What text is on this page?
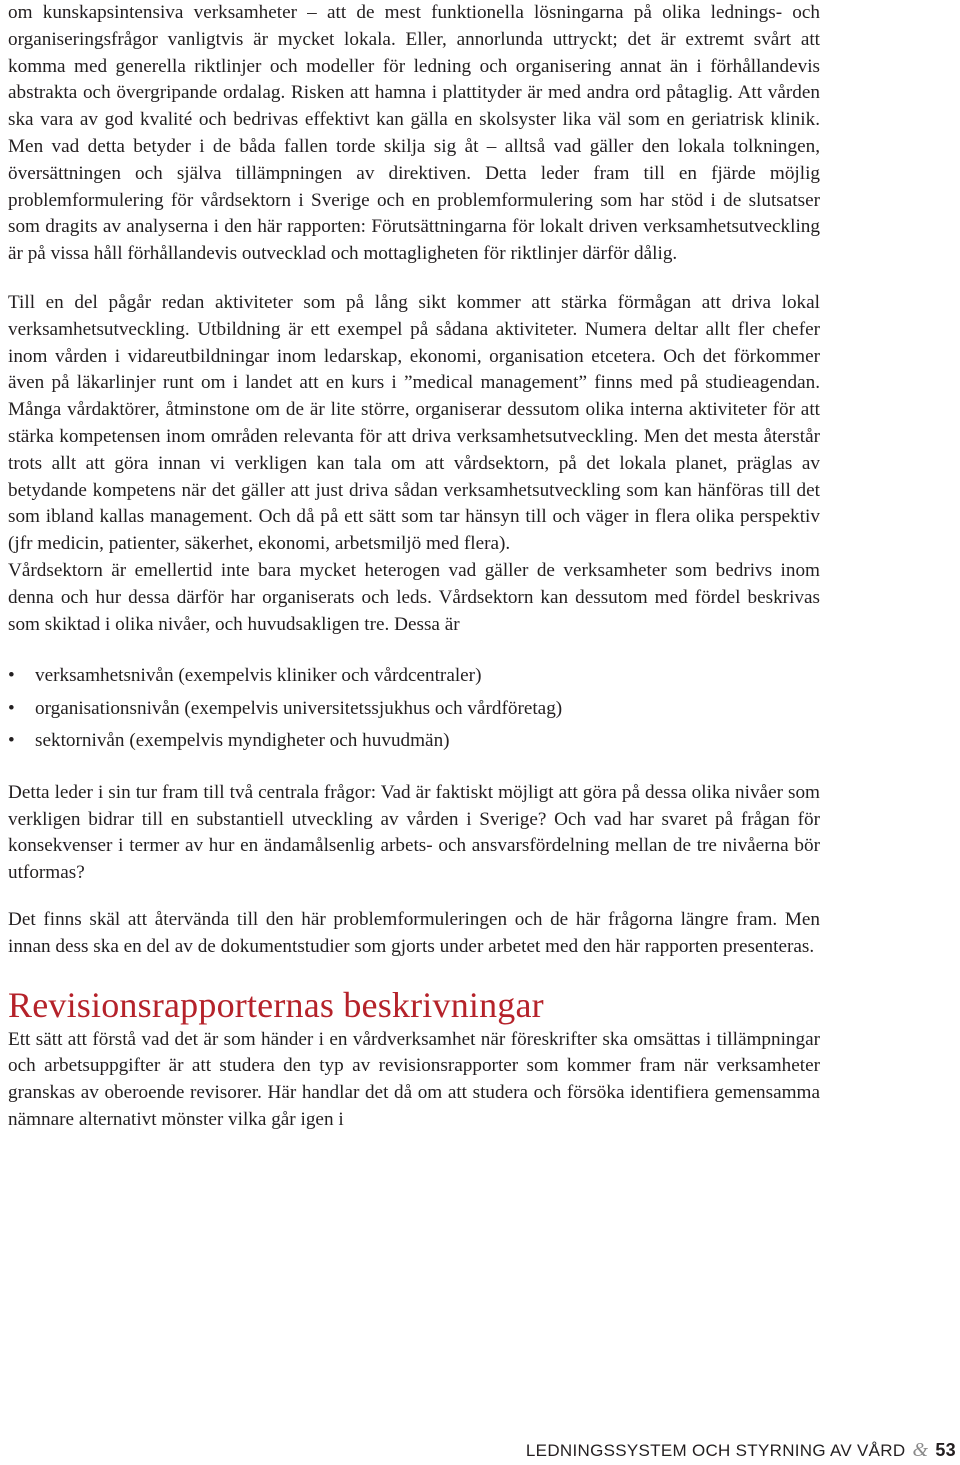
om kunskapsintensiva verksamheter – att de mest funktionella lösningarna på olika lednings- och organiseringsfrågor vanligtvis är mycket lokala. Eller, annorlunda uttryckt; det är extremt svårt att komma med generella riktlinjer och modeller för ledning och organisering annat än i förhållandevis abstrakta och övergripande ordalag. Risken att hamna i plattityder är med andra ord påtaglig. Att vården ska vara av god kvalité och bedrivas effektivt kan gälla en skolsyster lika väl som en geriatrisk klinik. Men vad detta betyder i de båda fallen torde skilja sig åt – alltså vad gäller den lokala tolkningen, översättningen och själva tillämpningen av direktiven. Detta leder fram till en fjärde möjlig problemformulering för vårdsektorn i Sverige och en problemformulering som har stöd i de slutsatser som dragits av analyserna i den här rapporten: Förutsättningarna för lokalt driven verksamhetsutveckling är på vissa håll förhållandevis outvecklad och mottagligheten för riktlinjer därför dålig.

Till en del pågår redan aktiviteter som på lång sikt kommer att stärka förmågan att driva lokal verksamhetsutveckling. Utbildning är ett exempel på sådana aktiviteter. Numera deltar allt fler chefer inom vården i vidareutbildningar inom ledarskap, ekonomi, organisation etcetera. Och det förkommer även på läkarlinjer runt om i landet att en kurs i ”medical management” finns med på studieagendan. Många vårdaktörer, åtminstone om de är lite större, organiserar dessutom olika interna aktiviteter för att stärka kompetensen inom områden relevanta för att driva verksamhetsutveckling. Men det mesta återstår trots allt att göra innan vi verkligen kan tala om att vårdsektorn, på det lokala planet, präglas av betydande kompetens när det gäller att just driva sådan verksamhetsutveckling som kan hänföras till det som ibland kallas management. Och då på ett sätt som tar hänsyn till och väger in flera olika perspektiv (jfr medicin, patienter, säkerhet, ekonomi, arbetsmiljö med flera).

Vårdsektorn är emellertid inte bara mycket heterogen vad gäller de verksamheter som bedrivs inom denna och hur dessa därför har organiserats och leds. Vårdsektorn kan dessutom med fördel beskrivas som skiktad i olika nivåer, och huvudsakligen tre. Dessa är

• verksamhetsnivån (exempelvis kliniker och vårdcentraler)
• organisationsnivån (exempelvis universitetssjukhus och vårdföretag)
• sektornivån (exempelvis myndigheter och huvudmän)

Detta leder i sin tur fram till två centrala frågor: Vad är faktiskt möjligt att göra på dessa olika nivåer som verkligen bidrar till en substantiell utveckling av vården i Sverige? Och vad har svaret på frågan för konsekvenser i termer av hur en ändamålsenlig arbets- och ansvarsfördelning mellan de tre nivåerna bör utformas?

Det finns skäl att återvända till den här problemformuleringen och de här frågorna längre fram. Men innan dess ska en del av de dokumentstudier som gjorts under arbetet med den här rapporten presenteras.

Revisionsrapporternas beskrivningar

Ett sätt att förstå vad det är som händer i en vårdverksamhet när föreskrifter ska omsättas i tillämpningar och arbetsuppgifter är att studera den typ av revisionsrapporter som kommer fram när verksamheter granskas av oberoende revisorer. Här handlar det då om att studera och försöka identifiera gemensamma nämnare alternativt mönster vilka går igen i

LEDNINGSSYSTEM OCH STYRNING AV VÅRD & 53
